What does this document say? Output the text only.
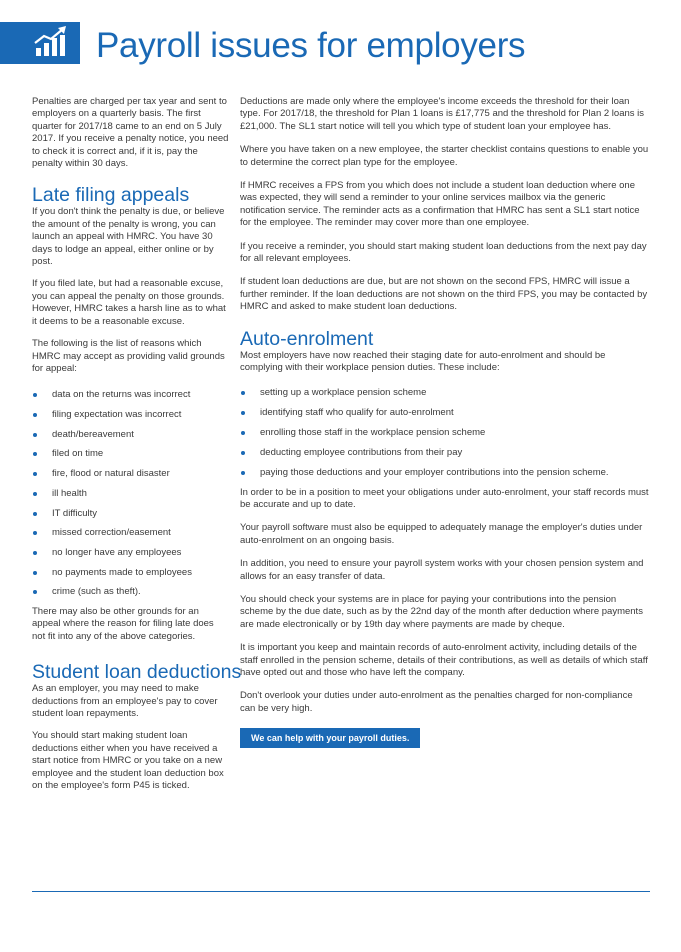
Payroll issues for employers

Penalties are charged per tax year and sent to employers on a quarterly basis. The first quarter for 2017/18 came to an end on 5 July 2017. If you receive a penalty notice, you need to check it is correct and, if it is, pay the penalty within 30 days.

Late filing appeals

If you don't think the penalty is due, or believe the amount of the penalty is wrong, you can launch an appeal with HMRC. You have 30 days to lodge an appeal, either online or by post.

If you filed late, but had a reasonable excuse, you can appeal the penalty on those grounds. However, HMRC takes a harsh line as to what it deems to be a reasonable excuse.

The following is the list of reasons which HMRC may accept as providing valid grounds for appeal:

data on the returns was incorrect
filing expectation was incorrect
death/bereavement
filed on time
fire, flood or natural disaster
ill health
IT difficulty
missed correction/easement
no longer have any employees
no payments made to employees
crime (such as theft).

There may also be other grounds for an appeal where the reason for filing late does not fit into any of the above categories.

Student loan deductions

As an employer, you may need to make deductions from an employee's pay to cover student loan repayments.

You should start making student loan deductions either when you have received a start notice from HMRC or you take on a new employee and the student loan deduction box on the employee's form P45 is ticked.

Deductions are made only where the employee's income exceeds the threshold for their loan type. For 2017/18, the threshold for Plan 1 loans is £17,775 and the threshold for Plan 2 loans is £21,000. The SL1 start notice will tell you which type of student loan your employee has.

Where you have taken on a new employee, the starter checklist contains questions to enable you to determine the correct plan type for the employee.

If HMRC receives a FPS from you which does not include a student loan deduction where one was expected, they will send a reminder to your online services mailbox via the generic notification service. The reminder acts as a confirmation that HMRC has sent a SL1 start notice for the employee. The reminder may cover more than one employee.

If you receive a reminder, you should start making student loan deductions from the next pay day for all relevant employees.

If student loan deductions are due, but are not shown on the second FPS, HMRC will issue a further reminder. If the loan deductions are not shown on the third FPS, you may be contacted by HMRC and asked to make student loan deductions.

Auto-enrolment

Most employers have now reached their staging date for auto-enrolment and should be complying with their workplace pension duties. These include:

setting up a workplace pension scheme
identifying staff who qualify for auto-enrolment
enrolling those staff in the workplace pension scheme
deducting employee contributions from their pay
paying those deductions and your employer contributions into the pension scheme.

In order to be in a position to meet your obligations under auto-enrolment, your staff records must be accurate and up to date.

Your payroll software must also be equipped to adequately manage the employer's duties under auto-enrolment on an ongoing basis.

In addition, you need to ensure your payroll system works with your chosen pension system and allows for an easy transfer of data.

You should check your systems are in place for paying your contributions into the pension scheme by the due date, such as by the 22nd day of the month after deduction where payments are made electronically or by 19th day where payments are made by cheque.

It is important you keep and maintain records of auto-enrolment activity, including details of the staff enrolled in the pension scheme, details of their contributions, as well as details of which staff have opted out and those who have left the company.

Don't overlook your duties under auto-enrolment as the penalties charged for non-compliance can be very high.

We can help with your payroll duties.
